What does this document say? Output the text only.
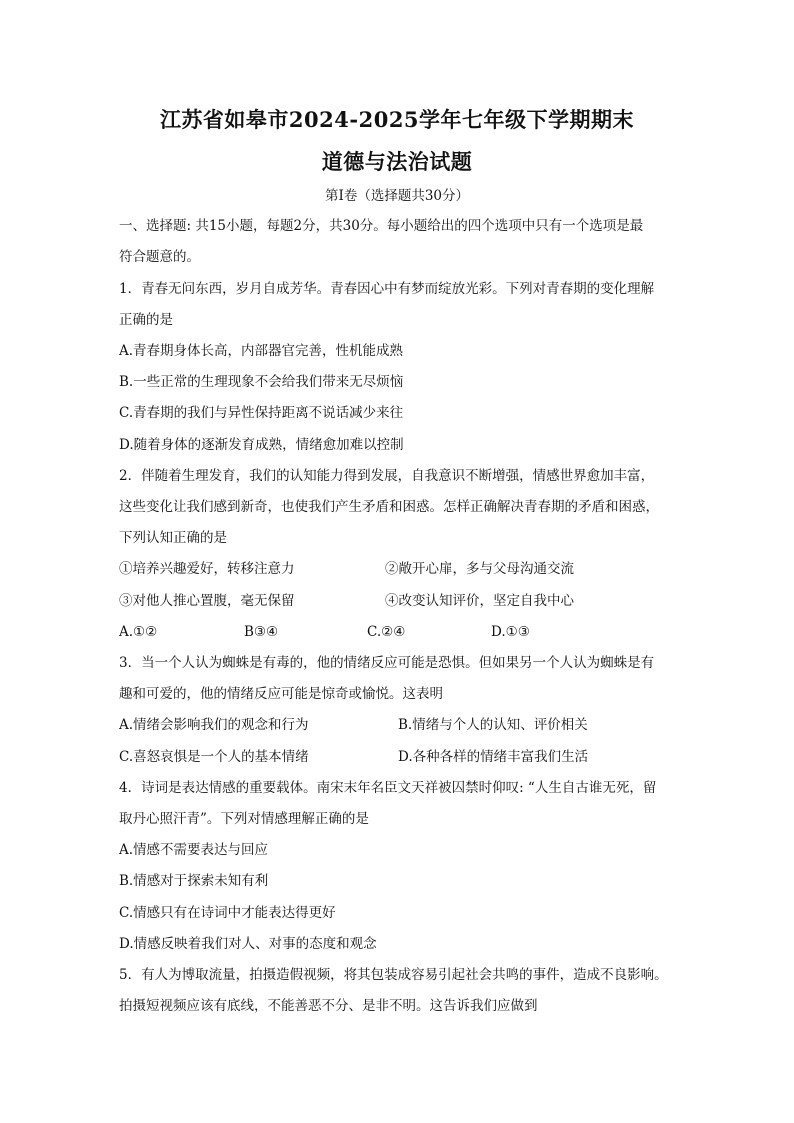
江苏省如皋市2024-2025学年七年级下学期期末
道德与法治试题
第I卷（选择题共30分）
一、选择题: 共15小题，每题2分，共30分。每小题给出的四个选项中只有一个选项是最
符合题意的。
1．青春无问东西，岁月自成芳华。青春因心中有梦而绽放光彩。下列对青春期的变化理解
正确的是
A.青春期身体长高，内部器官完善，性机能成熟
B.一些正常的生理现象不会给我们带来无尽烦恼
C.青春期的我们与异性保持距离不说话减少来往
D.随着身体的逐渐发育成熟，情绪愈加难以控制
2．伴随着生理发育，我们的认知能力得到发展，自我意识不断增强，情感世界愈加丰富，
这些变化让我们感到新奇，也使我们产生矛盾和困惑。怎样正确解决青春期的矛盾和困惑，
下列认知正确的是
①培养兴趣爱好，转移注意力	②敞开心扉，多与父母沟通交流
③对他人推心置腹，毫无保留	④改变认知评价，坚定自我中心
A.①②	B③④	C.②④	D.①③
3．当一个人认为蜘蛛是有毒的，他的情绪反应可能是恐惧。但如果另一个人认为蜘蛛是有
趣和可爱的，他的情绪反应可能是惊奇或愉悦。这表明
A.情绪会影响我们的观念和行为	B.情绪与个人的认知、评价相关
C.喜怒哀惧是一个人的基本情绪	D.各种各样的情绪丰富我们生活
4．诗词是表达情感的重要载体。南宋末年名臣文天祥被囚禁时仰叹: “人生自古谁无死，留
取丹心照汗青”。下列对情感理解正确的是
A.情感不需要表达与回应
B.情感对于探索未知有利
C.情感只有在诗词中才能表达得更好
D.情感反映着我们对人、对事的态度和观念
5．有人为博取流量，拍摄造假视频，将其包装成容易引起社会共鸣的事件，造成不良影响。
拍摄短视频应该有底线，不能善恶不分、是非不明。这告诉我们应做到
